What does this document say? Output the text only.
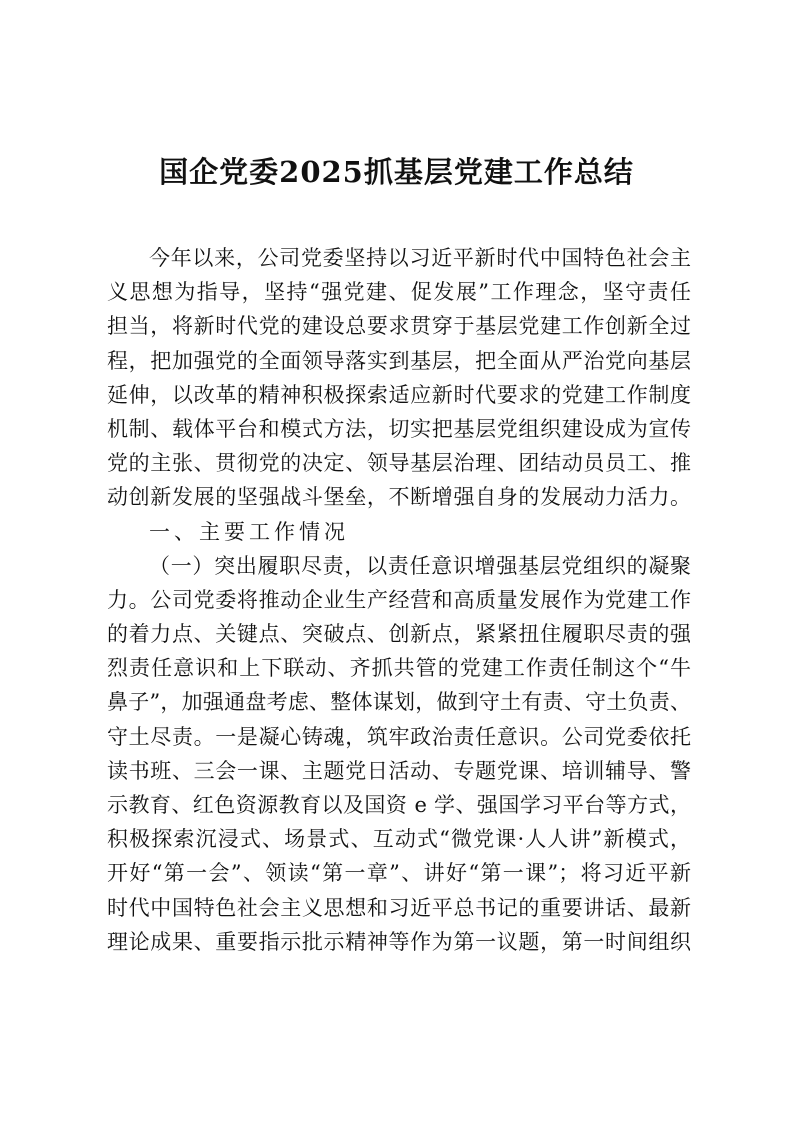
国企党委2025抓基层党建工作总结
今年以来，公司党委坚持以习近平新时代中国特色社会主
义思想为指导，坚持“强党建、促发展”工作理念，坚守责任
担当，将新时代党的建设总要求贯穿于基层党建工作创新全过
程，把加强党的全面领导落实到基层，把全面从严治党向基层
延伸，以改革的精神积极探索适应新时代要求的党建工作制度
机制、载体平台和模式方法，切实把基层党组织建设成为宣传
党的主张、贯彻党的决定、领导基层治理、团结动员员工、推
动创新发展的坚强战斗堡垒，不断增强自身的发展动力活力。
一、主要工作情况
（一）突出履职尽责，以责任意识增强基层党组织的凝聚
力。公司党委将推动企业生产经营和高质量发展作为党建工作
的着力点、关键点、突破点、创新点，紧紧扭住履职尽责的强
烈责任意识和上下联动、齐抓共管的党建工作责任制这个“牛
鼻子”，加强通盘考虑、整体谋划，做到守土有责、守土负责、
守土尽责。一是凝心铸魂，筑牢政治责任意识。公司党委依托
读书班、三会一课、主题党日活动、专题党课、培训辅导、警
示教育、红色资源教育以及国资 e 学、强国学习平台等方式，
积极探索沉浸式、场景式、互动式“微党课·人人讲”新模式，
开好“第一会”、领读“第一章”、讲好“第一课”；将习近平新
时代中国特色社会主义思想和习近平总书记的重要讲话、最新
理论成果、重要指示批示精神等作为第一议题，第一时间组织
